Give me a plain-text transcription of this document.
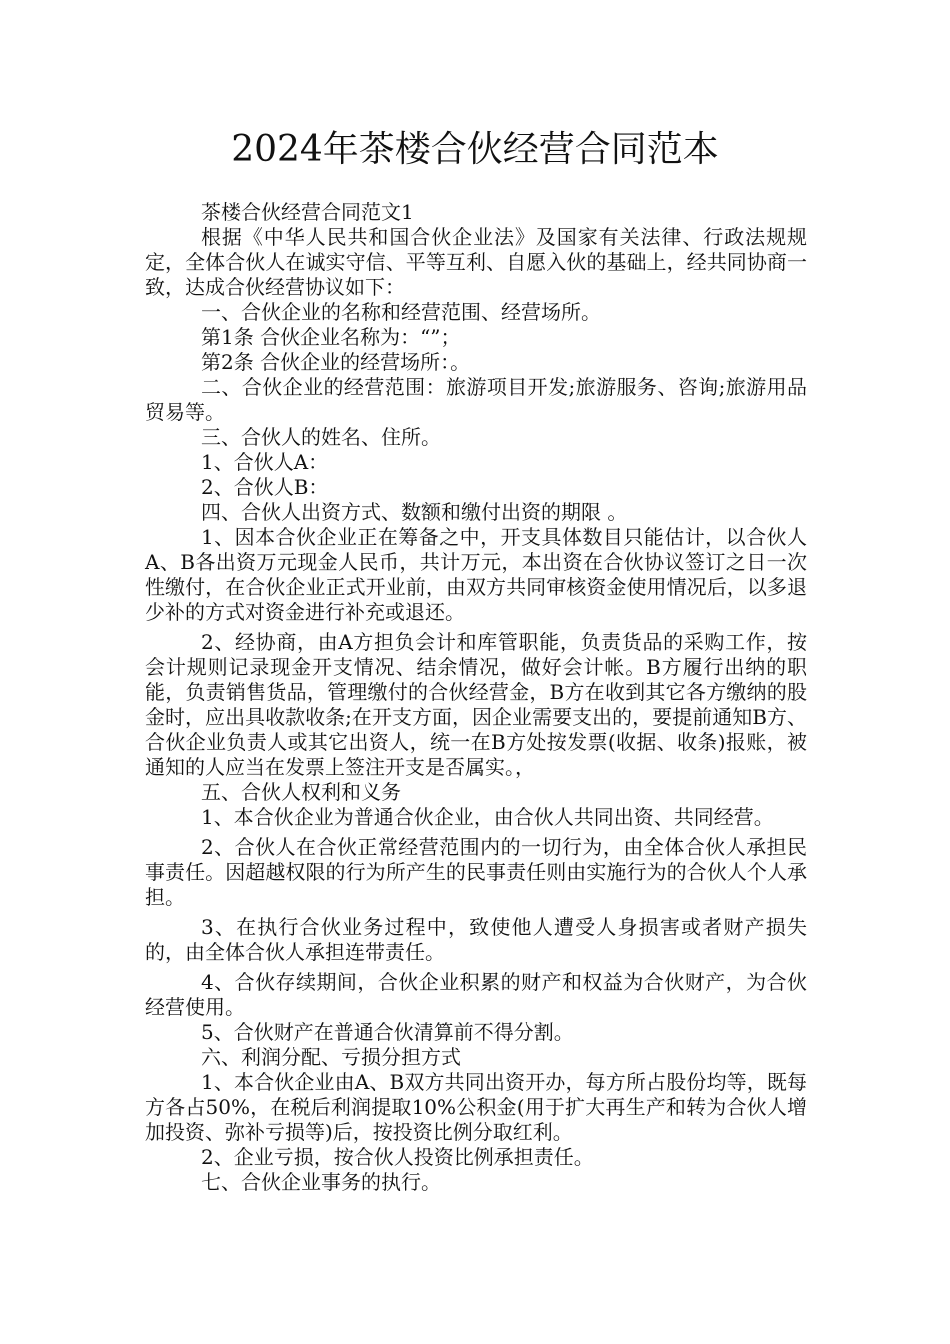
2024年茶楼合伙经营合同范本

茶楼合伙经营合同范文1

根据《中华人民共和国合伙企业法》及国家有关法律、行政法规规定，全体合伙人在诚实守信、平等互利、自愿入伙的基础上，经共同协商一致，达成合伙经营协议如下：

一、合伙企业的名称和经营范围、经营场所。

第1条 合伙企业名称为：“”；

第2条 合伙企业的经营场所：。

二、合伙企业的经营范围：旅游项目开发;旅游服务、咨询;旅游用品贸易等。

三、合伙人的姓名、住所。

1、合伙人A：

2、合伙人B：

四、合伙人出资方式、数额和缴付出资的期限 。

1、因本合伙企业正在筹备之中，开支具体数目只能估计，以合伙人A、B各出资万元现金人民币，共计万元，本出资在合伙协议签订之日一次性缴付，在合伙企业正式开业前，由双方共同审核资金使用情况后，以多退少补的方式对资金进行补充或退还。

2、经协商，由A方担负会计和库管职能，负责货品的采购工作，按会计规则记录现金开支情况、结余情况，做好会计帐。B方履行出纳的职能，负责销售货品，管理缴付的合伙经营金，B方在收到其它各方缴纳的股金时，应出具收款收条;在开支方面，因企业需要支出的，要提前通知B方、合伙企业负责人或其它出资人，统一在B方处按发票(收据、收条)报账，被通知的人应当在发票上签注开支是否属实。，

五、合伙人权利和义务

1、本合伙企业为普通合伙企业，由合伙人共同出资、共同经营。

2、合伙人在合伙正常经营范围内的一切行为，由全体合伙人承担民事责任。因超越权限的行为所产生的民事责任则由实施行为的合伙人个人承担。

3、在执行合伙业务过程中，致使他人遭受人身损害或者财产损失的，由全体合伙人承担连带责任。

4、合伙存续期间，合伙企业积累的财产和权益为合伙财产，为合伙经营使用。

5、合伙财产在普通合伙清算前不得分割。

六、利润分配、亏损分担方式

1、本合伙企业由A、B双方共同出资开办，每方所占股份均等，既每方各占50%，在税后利润提取10%公积金(用于扩大再生产和转为合伙人增加投资、弥补亏损等)后，按投资比例分取红利。

2、企业亏损，按合伙人投资比例承担责任。

七、合伙企业事务的执行。
